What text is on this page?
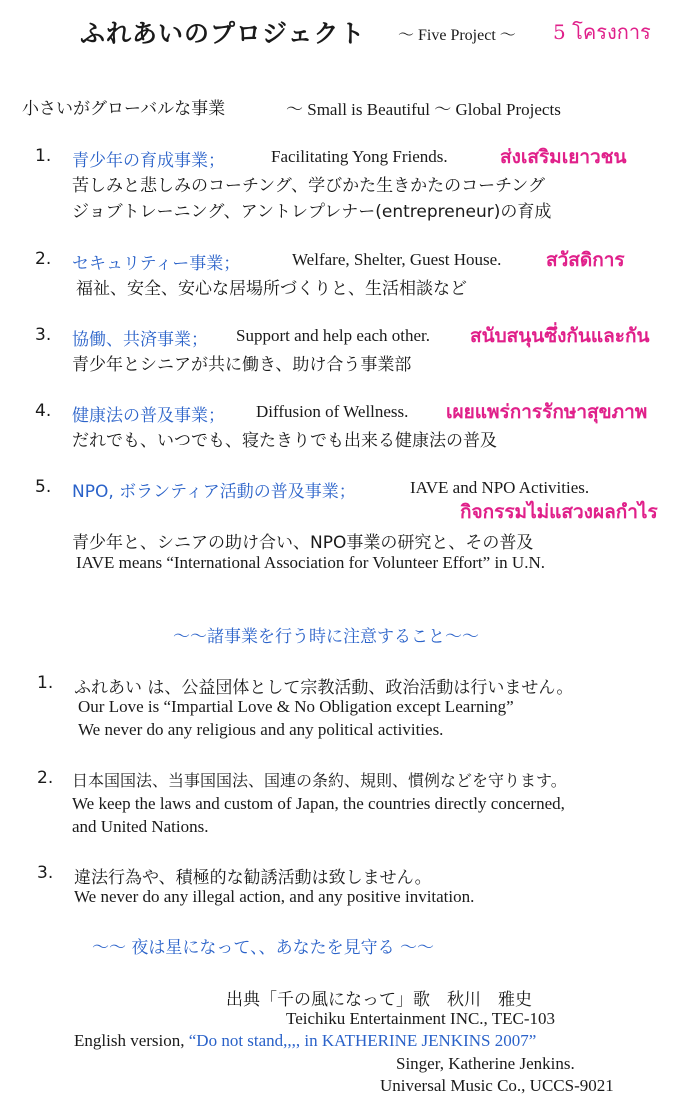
ふれあいのプロジェクト 〜 Five Project 〜 5 โครงการ
小さいがグローバルな事業	〜 Small is Beautiful 〜 Global Projects
1. 青少年の育成事業；	Facilitating Yong Friends.	ส่งเสริมเยาวชน
苦しみと悲しみのコーチング、学びかた生きかたのコーチング
ジョブトレーニング、アントレプレナー(entrepreneur)の育成
2. セキュリティー事業；	Welfare, Shelter, Guest House. สวัสดิการ
福祉、安全、安心な居場所づくりと、生活相談など
3. 協働、共済事業； Support and help each other. สนับสนุนซึ่งกันและกัน
青少年とシニアが共に働き、助け合う事業部
4. 健康法の普及事業； Diffusion of Wellness. เผยแพร่การรักษาสุขภาพ
だれでも、いつでも、寝たきりでも出来る健康法の普及
5. NPO, ボランティア活動の普及事業；	IAVE and NPO Activities.
กิจกรรมไม่แสวงผลกำไร
青少年と、シニアの助け合い、NPO事業の研究と、その普及
IAVE means “International Association for Volunteer Effort” in U.N.
〜〜諸事業を行う時に注意すること〜〜
1. ふれあい は、公益団体として宗教活動、政治活動は行いません。
Our Love is “Impartial Love & No Obligation except Learning”
We never do any religious and any political activities.
2. 日本国国法、当事国国法、国連の条約、規則、慣例などを守ります。
We keep the laws and custom of Japan, the countries directly concerned,
and United Nations.
3. 違法行為や、積極的な勧誘活動は致しません。
We never do any illegal action, and any positive invitation.
〜〜 夜は星になって、、あなたを見守る 〜〜
出典「千の風になって」歌　秋川　雅史
Teichiku Entertainment INC., TEC-103
English version, “Do not stand,,,, in KATHERINE JENKINS 2007”
Singer, Katherine Jenkins.
Universal Music Co., UCCS-9021
